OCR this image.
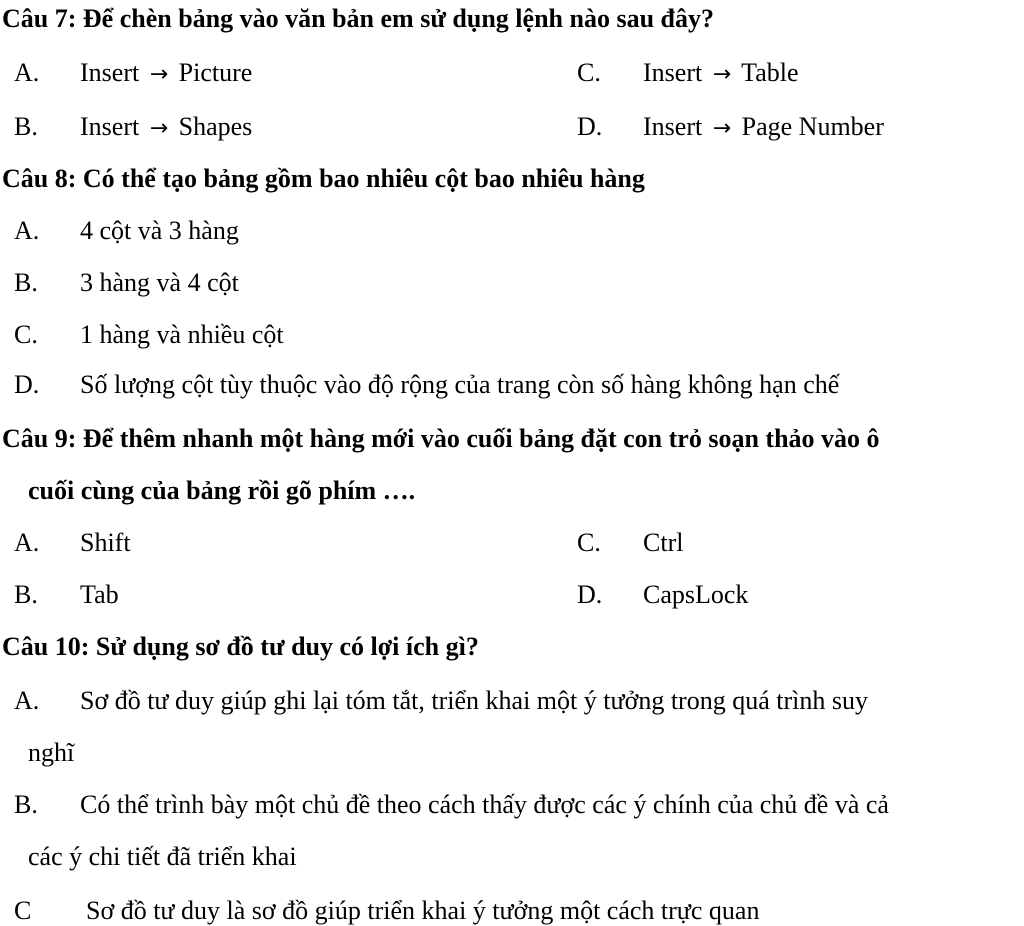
Câu 7: Để chèn bảng vào văn bản em sử dụng lệnh nào sau đây?
A. Insert → Picture	C. Insert → Table
B. Insert → Shapes	D. Insert → Page Number
Câu 8: Có thể tạo bảng gồm bao nhiêu cột bao nhiêu hàng
A. 4 cột và 3 hàng
B. 3 hàng và 4 cột
C. 1 hàng và nhiều cột
D. Số lượng cột tùy thuộc vào độ rộng của trang còn số hàng không hạn chế
Câu 9: Để thêm nhanh một hàng mới vào cuối bảng đặt con trỏ soạn thảo vào ô
cuối cùng của bảng rồi gõ phím ….
A. Shift	C. Ctrl
B. Tab	D. CapsLock
Câu 10: Sử dụng sơ đồ tư duy có lợi ích gì?
A. Sơ đồ tư duy giúp ghi lại tóm tắt, triển khai một ý tưởng trong quá trình suy
nghĩ
B. Có thể trình bày một chủ đề theo cách thấy được các ý chính của chủ đề và cả
các ý chi tiết đã triển khai
C Sơ đồ tư duy là sơ đồ giúp triển khai ý tưởng một cách trực quan
